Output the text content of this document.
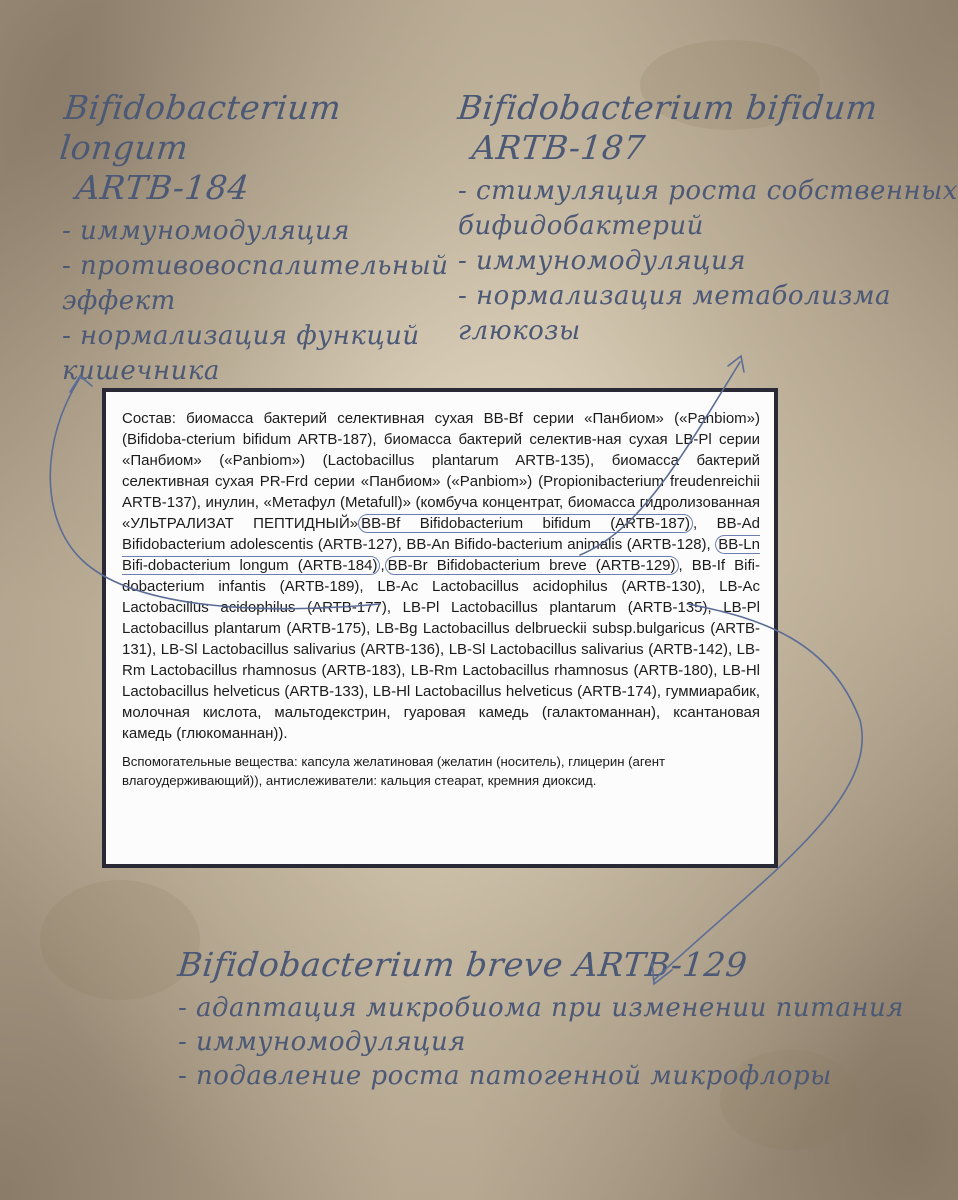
Bifidobacterium longum
ARTB-184
- иммуномодуляция
- противовоспалительный
эффект
- нормализация функций
кишечника
Bifidobacterium bifidum
ARTB-187
- стимуляция роста собственных
бифидобактерий
- иммуномодуляция
- нормализация метаболизма
глюкозы

Состав: биомасса бактерий селективная сухая BB-Bf серии «Панбиом» («Panbiom») (Bifidoba-cterium bifidum ARTB-187), биомасса бактерий селектив-ная сухая LB-Pl серии «Панбиом» («Panbiom») (Lactobacillus plantarum ARTB-135), биомасса бактерий селективная сухая PR-Frd серии «Панбиом» («Panbiom») (Propionibacterium freudenreichii ARTB-137), инулин, «Метафул (Metafull)» (комбуча концентрат, биомасса гидролизованная «УЛЬТРАЛИЗАТ ПЕПТИДНЫЙ» BB-Bf Bifidobacterium bifidum (ARTB-187) , BB-Ad Bifidobacterium adolescentis (ARTB-127), BB-An Bifido-bacterium animalis (ARTB-128), BB-Ln Bifi-dobacterium longum (ARTB-184) , BB-Br Bifidobacterium breve (ARTB-129) , BB-If Bifi-dobacterium infantis (ARTB-189), LB-Ac Lactobacillus acidophilus (ARTB-130), LB-Ac Lactobacillus acidophilus (ARTB-177), LB-Pl Lactobacillus plantarum (ARTB-135), LB-Pl Lactobacillus plantarum (ARTB-175), LB-Bg Lactobacillus delbrueckii subsp.bulgaricus (ARTB-131), LB-Sl Lactobacillus salivarius (ARTB-136), LB-Sl Lactobacillus salivarius (ARTB-142), LB-Rm Lactobacillus rhamnosus (ARTB-183), LB-Rm Lactobacillus rhamnosus (ARTB-180), LB-Hl Lactobacillus helveticus (ARTB-133), LB-Hl Lactobacillus helveticus (ARTB-174), гуммиарабик, молочная кислота, мальтодекстрин, гуаровая камедь (галактоманнан), ксантановая камедь (глюкоманнан)).

Вспомогательные вещества: капсула желатиновая (желатин (носитель), глицерин (агент влагоудерживающий)), антислеживатели: кальция стеарат, кремния диоксид.

Bifidobacterium breve ARTB-129
- адаптация микробиома при изменении питания
- иммуномодуляция
- подавление роста патогенной микрофлоры
